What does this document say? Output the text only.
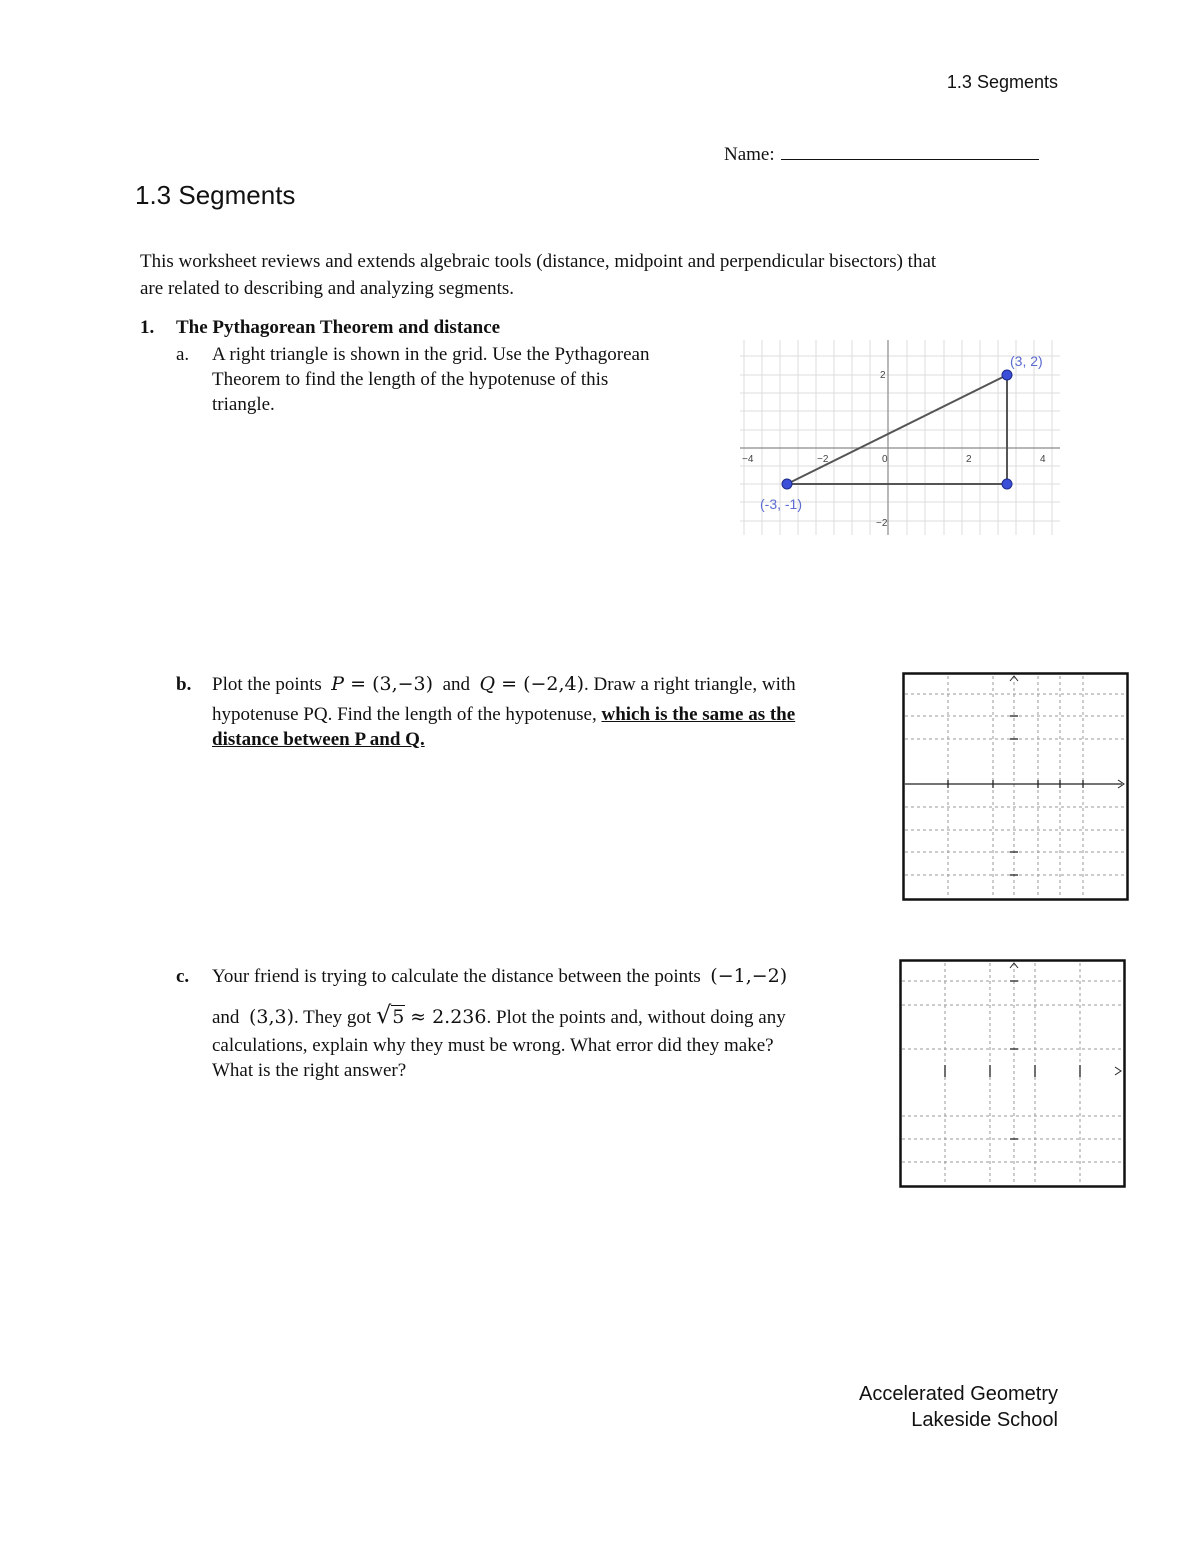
1.3 Segments
Name:
1.3 Segments
This worksheet reviews and extends algebraic tools (distance, midpoint and perpendicular bisectors) that
are related to describing and analyzing segments.
1. The Pythagorean Theorem and distance
a. A right triangle is shown in the grid. Use the Pythagorean
Theorem to find the length of the hypotenuse of this
triangle.
−4	−2	0	2	4
2
−2
(3, 2)
(-3, -1)
b. Plot the points P = (3,−3) and Q = (−2,4). Draw a right triangle, with
hypotenuse PQ. Find the length of the hypotenuse, which is the same as the
distance between P and Q.
c. Your friend is trying to calculate the distance between the points (−1,−2)
and (3,3). They got √5 ≈ 2.236. Plot the points and, without doing any
calculations, explain why they must be wrong. What error did they make?
What is the right answer?
Accelerated Geometry
Lakeside School
